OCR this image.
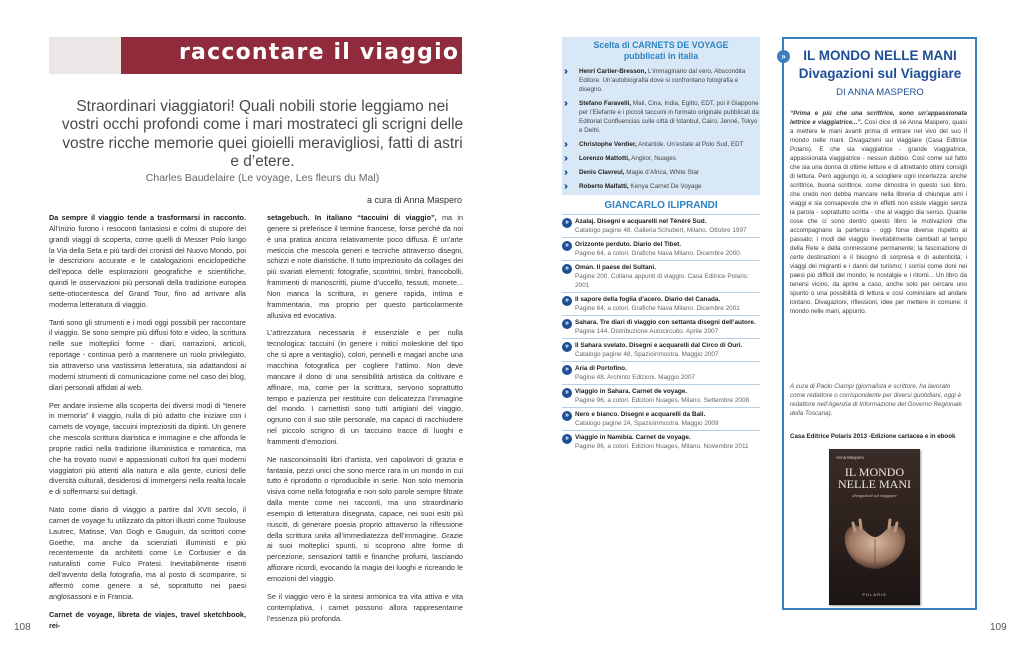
raccontare il viaggio
Straordinari viaggiatori! Quali nobili storie leggiamo nei vostri occhi profondi come i mari mostrateci gli scrigni delle vostre ricche memorie quei gioielli meravigliosi, fatti di astri e d’etere.
Charles Baudelaire (Le voyage, Les fleurs du Mal)
a cura di Anna Maspero

Da sempre il viaggio tende a trasformarsi in racconto. All’inizio furono i resoconti fantasiosi e colmi di stupore dei grandi viaggi di scoperta, come quelli di Messer Polo lungo la Via della Seta e più tardi dei cronisti del Nuovo Mondo, poi le descrizioni accurate e le catalogazioni enciclopediche dell’epoca delle esplorazioni geografiche e scientifiche, quindi le osservazioni più personali della tradizione europea sette-ottocentesca del Grand Tour, fino ad arrivare alla moderna letteratura di viaggio.

Tanti sono gli strumenti e i modi oggi possibili per raccontare il viaggio. Se sono sempre più diffusi foto e video, la scrittura nelle sue molteplici forme - diari, narrazioni, articoli, reportage - continua però a mantenere un ruolo privilegiato, sia attraverso una vastissima letteratura, sia adattandosi ai moderni strumenti di comunicazione come nel caso dei blog, diari personali affidati al web.

Per andare insieme alla scoperta dei diversi modi di “tenere in memoria” il viaggio, nulla di più adatto che iniziare con i carnets de voyage, taccuini impreziositi da dipinti. Un genere che mescola scrittura diaristica e immagine e che affonda le proprie radici nella tradizione illuministica e romantica, ma che ha trovato nuovi e appassionati cultori fra quei moderni viaggiatori più attenti alla natura e alla gente, curiosi delle diversità culturali, desiderosi di immergersi nella realtà locale e di soffermarsi sui dettagli.

Nato come diario di viaggio a partire dal XVII secolo, il carnet de voyage fu utilizzato da pittori illustri come Toulouse Lautrec, Matisse, Van Gogh e Gauguin, da scrittori come Goethe, ma anche da scienziati illuministi e più recentemente da architetti come Le Corbusier e da naturalisti come Fulco Pratesi. Inevitabilmente risenti dell’avvento della fotografia, ma al posto di scomparire, si affermò come genere a sé, soprattutto nei paesi anglosassoni e in Francia.

Carnet de voyage, libreta de viajes, travel sketchbook, rei-

setagebuch. In italiano “taccuini di viaggio”, ma in genere si preferisce il termine francese, forse perché da noi è una pratica ancora relativamente poco diffusa. È un’arte meticcia che mescola generi e tecniche attraverso disegni, schizzi e note diaristiche. Il tutto impreziosito da collages dei più svariati elementi: fotografie, scontrini, timbri, francobolli, frammenti di manoscritti, piume d’uccello, tessuti, monete... Non manca la scrittura, in genere rapida, intima e frammentaria, ma proprio per questo particolarmente allusiva ed evocativa.

L’attrezzatura necessaria è essenziale e per nulla tecnologica: taccuini (in genere i mitici moleskine del tipo che si apre a ventaglio), colori, pennelli e magari anche una macchina fotografica per cogliere l’attimo. Non deve mancare il dono di una sensibilità artistica da coltivare e affinare, ma, come per la scrittura, servono soprattutto tempo e pazienza per restituire con delicatezza l’immagine del mondo. I carnettisti sono tutti artigiani del viaggio, ognuno con il suo stile personale, ma capaci di racchiudere nel piccolo scrigno di un taccuino tracce di luoghi e frammenti d’emozioni.

Ne nasconoinsoliti libri d’artista, veri capolavori di grazia e fantasia, pezzi unici che sono merce rara in un mondo in cui tutto è riprodotto o riproducibile in serie. Non solo memoria visiva come nella fotografia e non solo parole sempre filtrate dalla mente come nei racconti, ma uno straordinario esempio di letteratura disegnata, capace, nei suoi esiti più riusciti, di generare poesia proprio attraverso la riflessione della scrittura unita all’immediatezza dell’immagine. Grazie ai suoi molteplici spunti, si scoprono altre forme di percezione, sensazioni tattili e finanche profumi, lasciando affiorare ricordi, evocando la magia dei luoghi e ricreando le emozioni del viaggio.

Se il viaggio vero è la sintesi armonica tra vita attiva e vita contemplativa, i carnet possono allora rappresentarne l’essenza più profonda.

108
Scelta di CARNETS DE VOYAGE pubblicati in italia
››› Henri Cartier-Bresson, L’immaginario dal vero, Abscondita Editore. Un’autobiografia dove si confrontano fotografia e disegno.
››› Stefano Faravelli, Mali, Cina, India, Egitto, EDT, poi il Giappone per l’Elefante e i piccoli taccuini in formato originale pubblicati da Editorial Confluencias sulle città di Istanbul, Cairo, Jenné, Tokyo e Delhi.
››› Christophe Verdier, Antartide. Un’estate al Polo Sud, EDT
››› Lorenzo Mattotti, Angkor, Nuages
››› Denis Clavreul, Magie d’Africa, White Star
››› Roberto Malfatti, Kenya Carnet De Voyage
GIANCARLO ILIPRANDI
» Azalaj. Disegni e acquarelli nel Ténéré Sud.
Catalogo pagine 48. Galleria Schubert, Milano. Ottobre 1997
» Orizzonte perduto. Diario del Tibet.
Pagine 64, a colori. Grafiche Nava Milano. Dicembre 2000.
» Oman. Il paese dei Sultani.
Pagine 200. Collana appunti di viaggio. Casa Editrice Polaris: 2001
» Il sapore della foglia d’acero. Diario del Canada.
Pagine 64, a colori. Grafiche Nava Milano. Dicembre 2001
» Sahara. Tre diari di viaggio con settanta disegni dell’autore.
Pagine 144. Distribuzione Autocircuito. Aprile 2007
» Il Sahara svelato. Disegni e acquarelli dal Circo di Ouri.
Catalogo pagine 48, Spazioinmostra. Maggio 2007
» Aria di Portofino.
Pagine 48. Archinto Edizioni. Maggio 2007
» Viaggio in Sahara. Carnet de voyage.
Pagine 96, a colori. Edizioni Nuages, Milano. Settembre 2008
» Nero e bianco. Disegni e acquarelli da Bali.
Catalogo pagine 24, Spazioinmostra. Maggio 2009
» Viaggio in Namibia. Carnet de voyage.
Pagine 96, a colori. Edizioni Nuages, Milano. Novembre 2011
»	IL MONDO NELLE MANI
Divagazioni sul Viaggiare
DI ANNA MASPERO
“Prima e più che una scrittrice, sono un’appassionata lettrice e viaggiatrice...”. Così dice di sé Anna Maspero, quasi a mettere le mani avanti prima di entrare nel vivo del suo Il mondo nelle mani. Divagazioni sul viaggiare (Casa Editrice Polaris). E che sia viaggiatrice - grande viaggiatrice, appassionata viaggiatrice - nessun dubbio. Così come sul fatto che sia una donna di ottime letture e di altrettanto ottimi consigli di lettura. Però aggiungo io, a sciogliere ogni incertezza: anche scrittrice, buona scrittrice, come dimostra in questo suo libro, che credo non debba mancare nella libreria di chiunque ami i viaggi e sia consapevole che in effetti non esiste viaggio senza la parola - soprattutto scritta - che al viaggio dia senso. Quante cose che ci sono dentro questo libro: le motivazioni che accompagnano la partenza - oggi forse diverse rispetto al passato; i modi del viaggio inevitabilmente cambiati al tempo della Rete e della connessione permanente; la fascinazione di certe destinazioni e il bisogno di sorpresa e di autenticità; i viaggi dei migranti e i danni del turismo; i sorrisi come doni nei paesi più difficili del mondo; le nostalgie e i ritorni... Un libro da tenersi vicino, da aprire a caso, anche solo per cercare uno spunto o una possibilità di lettura e così cominciare ad andare lontano. Divagazioni, riflessioni, idee per mettere in comune: il mondo nelle mani, appunto.
A cura di Paolo Ciampi (giornalista e scrittore, ha lavorato come redattore o corrispondente per diversi quotidiani, oggi è redattore nell’Agenzia di Informazione del Governo Regionale della Toscana).
Casa Editrice Polaris 2013 -Edizione cartacea e in ebook
Anna Maspero
IL MONDO
NELLE MANI
divagazioni sul viaggiare
POLARIS
109
